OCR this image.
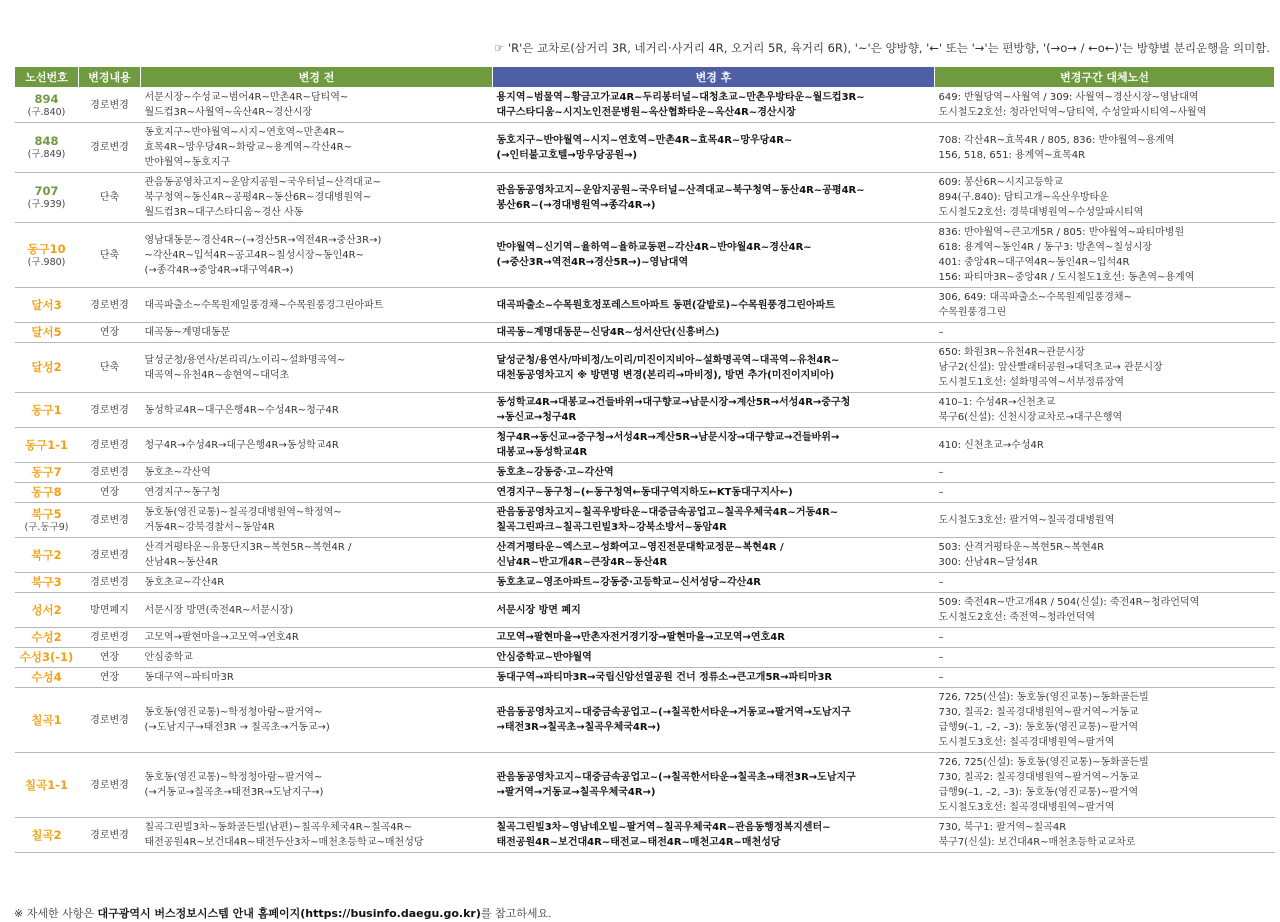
☞ 'R'은 교차로(삼거리 3R, 네거리·사거리 4R, 오거리 5R, 육거리 6R), '~'은 양방향, '←' 또는 '→'는 편방향, '(→o→ / ←o←)'는 방향별 분리운행을 의미함.
노선번호	변경내용	변경 전	변경 후	변경구간 대체노선

894
(구.840)	경로변경	서문시장~수성교~범어4R~만촌4R~담티역~
월드컵3R~사월역~옥산4R~경산시장	용지역~범물역~황금고가교4R~두리봉터널~대청초교~만촌우방타운~월드컵3R~
대구스타디움~시지노인전문병원~옥산협화타운~옥산4R~경산시장	649: 반월당역~사월역 / 309: 사월역~경산시장~영남대역
도시철도2호선: 청라언덕역~담티역, 수성알파시티역~사월역

848
(구.849)	경로변경	동호지구~반야월역~시지~연호역~만촌4R~
효목4R~망우당4R~화랑교~용계역~각산4R~
반야월역~동호지구	동호지구~반야월역~시지~연호역~만촌4R~효목4R~망우당4R~
(→인터불고호텔→망우당공원→)	708: 각산4R~효목4R / 805, 836: 반야월역~용계역
156, 518, 651: 용계역~효목4R

707
(구.939)	단축	관음동공영차고지~운암지공원~국우터널~산격대교~
북구청역~동신4R~공평4R~동산6R~경대병원역~
월드컵3R~대구스타디움~경산 사동	관음동공영차고지~운암지공원~국우터널~산격대교~북구청역~동산4R~공평4R~
봉산6R~(→경대병원역→종각4R→)	609: 봉산6R~시지고등학교
894(구.840): 담티고개~옥산우방타운
도시철도2호선: 경북대병원역~수성알파시티역

동구10
(구.980)	단축	영남대동문~경산4R~(→경산5R→역전4R→중산3R→)
~각산4R~입석4R~공고4R~칠성시장~동인4R~
(→종각4R→중앙4R→대구역4R→)	반야월역~신기역~율하역~율하교동편~각산4R~반야월4R~경산4R~
(→중산3R→역전4R→경산5R→)~영남대역	836: 반야월역~큰고개5R / 805: 반야월역~파티마병원
618: 용계역~동인4R / 동구3: 방촌역~칠성시장
401: 중앙4R~대구역4R~동인4R~입석4R
156: 파티마3R~중앙4R / 도시철도1호선: 동촌역~용계역

달서3	경로변경	대곡파출소~수목원제일풍경채~수목원풍경그린아파트	대곡파출소~수목원호정포레스트아파트 동편(갈밭로)~수목원풍경그린아파트	306, 649: 대곡파출소~수목원제일풍경채~
수목원풍경그린

달서5	연장	대곡동~계명대동문	대곡동~계명대동문~신당4R~성서산단(신흥버스)	–

달성2	단축	달성군청/용연사/본리리/노이리~설화명곡역~
대곡역~유천4R~송현역~대덕초	달성군청/용연사/마비정/노이리/미진이지비아~설화명곡역~대곡역~유천4R~
대천동공영차고지 ※ 방면명 변경(본리리→마비정), 방면 추가(미진이지비아)	650: 화원3R~유천4R~관문시장
남구2(신설): 앞산빨래터공원→대덕초교→ 관문시장
도시철도1호선: 설화명곡역~서부정류장역

동구1	경로변경	동성학교4R~대구은행4R~수성4R~청구4R	동성학교4R→대봉교→건들바위→대구향교→남문시장→계산5R→서성4R→중구청
→동신교→청구4R	410–1: 수성4R→신천초교
북구6(신설): 신천시장교차로→대구은행역

동구1-1	경로변경	청구4R→수성4R→대구은행4R→동성학교4R	청구4R→동신교→중구청→서성4R→계산5R→남문시장→대구향교→건들바위→
대봉교→동성학교4R	410: 신천초교→수성4R

동구7	경로변경	동호초~각산역	동호초~강동중·고~각산역	–

동구8	연장	연경지구~동구청	연경지구~동구청~(←동구청역←동대구역지하도←KT동대구지사←)	–

북구5
(구.동구9)	경로변경	동호동(영진교통)~칠곡경대병원역~학정역~
거동4R~강북경찰서~동암4R	관음동공영차고지~칠곡우방타운~대중금속공업고~칠곡우체국4R~거동4R~
칠곡그린파크~칠곡그린빌3차~강북소방서~동암4R	도시철도3호선: 팔거역~칠곡경대병원역

북구2	경로변경	산격거평타운~유통단지3R~복현5R~복현4R /
산남4R~동산4R	산격거평타운~엑스코~성화여고~영진전문대학교정문~복현4R /
신남4R~반고개4R~큰장4R~동산4R	503: 산격거평타운~복현5R~복현4R
300: 산남4R~달성4R

북구3	경로변경	동호초교~각산4R	동호초교~영조아파트~강동중·고등학교~신서성당~각산4R	–

성서2	방면폐지	서문시장 방면(죽전4R~서문시장)	서문시장 방면 폐지	509: 죽전4R~반고개4R / 504(신설): 죽전4R~청라언덕역
도시철도2호선: 죽전역~청라언덕역

수성2	경로변경	고모역→팔현마을→고모역→연호4R	고모역→팔현마을→만촌자전거경기장→팔현마을→고모역→연호4R	–

수성3(-1)	연장	안심중학교	안심중학교~반야월역	–

수성4	연장	동대구역~파티마3R	동대구역→파티마3R→국립신암선열공원 건너 정류소→큰고개5R→파티마3R	–

칠곡1	경로변경	동호동(영진교통)~학정청아람~팔거역~
(→도남지구→태전3R → 칠곡초→거동교→)	관음동공영차고지~대중금속공업고~(→칠곡한서타운→거동교→팔거역→도남지구
→태전3R→칠곡초→칠곡우체국4R→)	726, 725(신설): 동호동(영진교통)~동화골든빌
730, 칠곡2: 칠곡경대병원역~팔거역~거동교
급행9(–1, –2, –3): 동호동(영진교통)~팔거역
도시철도3호선: 칠곡경대병원역~팔거역

칠곡1-1	경로변경	동호동(영진교통)~학정청아람~팔거역~
(→거동교→칠곡초→태전3R→도남지구→)	관음동공영차고지~대중금속공업고~(→칠곡한서타운→칠곡초→태전3R→도남지구
→팔거역→거동교→칠곡우체국4R→)	726, 725(신설): 동호동(영진교통)~동화골든빌
730, 칠곡2: 칠곡경대병원역~팔거역~거동교
급행9(–1, –2, –3): 동호동(영진교통)~팔거역
도시철도3호선: 칠곡경대병원역~팔거역

칠곡2	경로변경	칠곡그린빌3차~동화골든빌(남편)~칠곡우체국4R~칠곡4R~
태전공원4R~보건대4R~태전두산3차~매천초등학교~매천성당	칠곡그린빌3차~영남네오빌~팔거역~칠곡우체국4R~관음동행정복지센터~
태전공원4R~보건대4R~태전교~태전4R~매천고4R~매천성당	730, 북구1: 팔거역~칠곡4R
북구7(신설): 보건대4R~매천초등학교교차로
※ 자세한 사항은 대구광역시 버스정보시스템 안내 홈페이지(https://businfo.daegu.go.kr)를 참고하세요.
